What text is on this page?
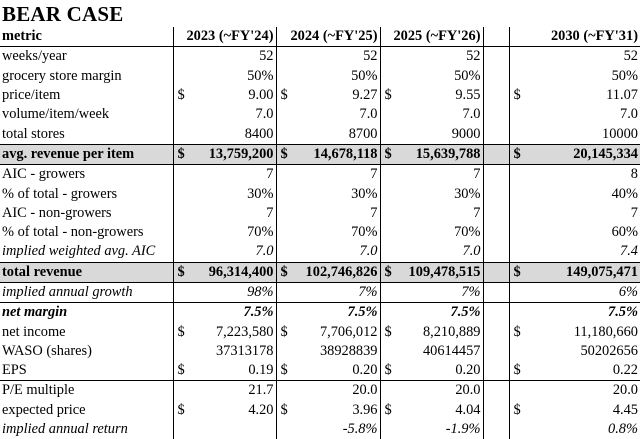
BEAR CASE
metric	2023 (~FY'24)		2024 (~FY'25)		2025 (~FY'26)			2030 (~FY'31)	
weeks/year		52		52		52			52
grocery store margin		50%		50%		50%			50%
price/item	$	9.00	$	9.27	$	9.55		$	11.07
volume/item/week		7.0		7.0		7.0			7.0
total stores		8400		8700		9000			10000
avg. revenue per item	$	13,759,200	$	14,678,118	$	15,639,788		$	20,145,334
AIC - growers		7		7		7			8
% of total - growers		30%		30%		30%			40%
AIC - non-growers		7		7		7			7
% of total - non-growers		70%		70%		70%			60%
implied weighted avg. AIC		7.0		7.0		7.0			7.4
total revenue	$	96,314,400	$	102,746,826	$	109,478,515		$	149,075,471
implied annual growth		98%		7%		7%			6%
net margin		7.5%		7.5%		7.5%			7.5%
net income	$	7,223,580	$	7,706,012	$	8,210,889		$	11,180,660
WASO (shares)		37313178		38928839		40614457			50202656
EPS	$	0.19	$	0.20	$	0.20		$	0.22
P/E multiple		21.7		20.0		20.0			20.0
expected price	$	4.20	$	3.96	$	4.04		$	4.45
implied annual return				-5.8%		-1.9%			0.8%
